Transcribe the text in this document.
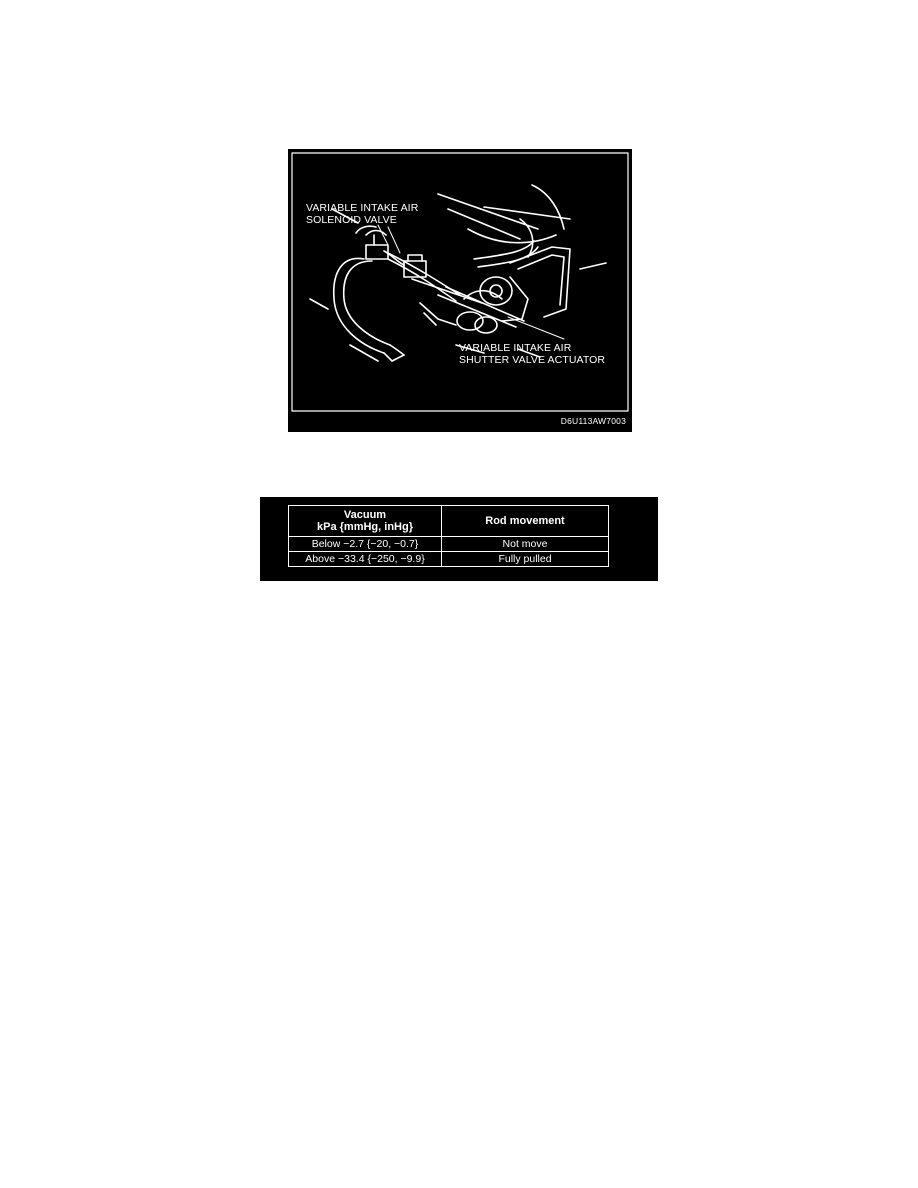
VARIABLE INTAKE AIR
SOLENOID VALVE
VARIABLE INTAKE AIR
SHUTTER VALVE ACTUATOR
D6U113AW7003
Vacuum
kPa {mmHg, inHg}	Rod movement
Below −2.7 {−20, −0.7}	Not move
Above −33.4 {−250, −9.9}	Fully pulled
